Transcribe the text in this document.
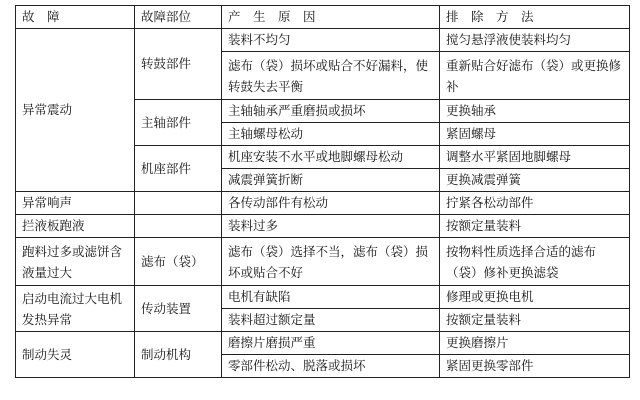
故　障	故障部位	产　生　原　因	排　除　方　法
异常震动	转鼓部件	装料不均匀	搅匀悬浮液使装料均匀
		滤布（袋）损坏或贴合不好漏料，使转鼓失去平衡	重新贴合好滤布（袋）或更换修补
	主轴部件	主轴轴承严重磨损或损坏	更换轴承
		主轴螺母松动	紧固螺母
	机座部件	机座安装不水平或地脚螺母松动	调整水平紧固地脚螺母
		减震弹簧折断	更换减震弹簧
异常响声		各传动部件有松动	拧紧各松动部件
拦液板跑液		装料过多	按额定量装料
跑料过多或滤饼含液量过大	滤布（袋）	滤布（袋）选择不当，滤布（袋）损坏或贴合不好	按物料性质选择合适的滤布（袋）修补更换滤袋
启动电流过大电机发热异常	传动装置	电机有缺陷	修理或更换电机
		装料超过额定量	按额定量装料
制动失灵	制动机构	磨擦片磨损严重	更换磨擦片
		零部件松动、脱落或损坏	紧固更换零部件
